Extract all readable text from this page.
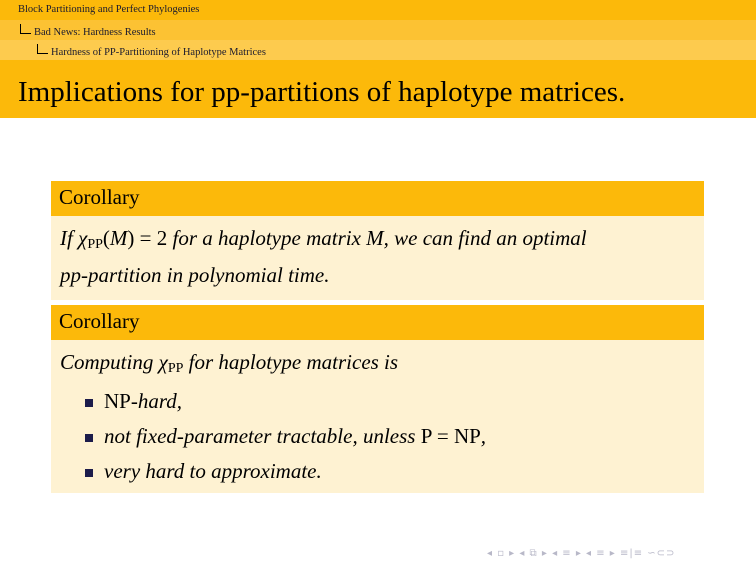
Block Partitioning and Perfect Phylogenies
Bad News: Hardness Results
Hardness of PP-Partitioning of Haplotype Matrices
Implications for pp-partitions of haplotype matrices.
Corollary
If $\chi_{PP}(M) = 2$ for a haplotype matrix M, we can find an optimal
pp-partition in polynomial time.
Corollary
Computing $\chi_{PP}$ for haplotype matrices is
NP-hard,
not fixed-parameter tractable, unless P = NP,
very hard to approximate.
◂ ▫ ▸ ◂ ⧉ ▸ ◂ ≡ ▸ ◂ ≡ ▸ ≡|≡ ∽⊂⊃
